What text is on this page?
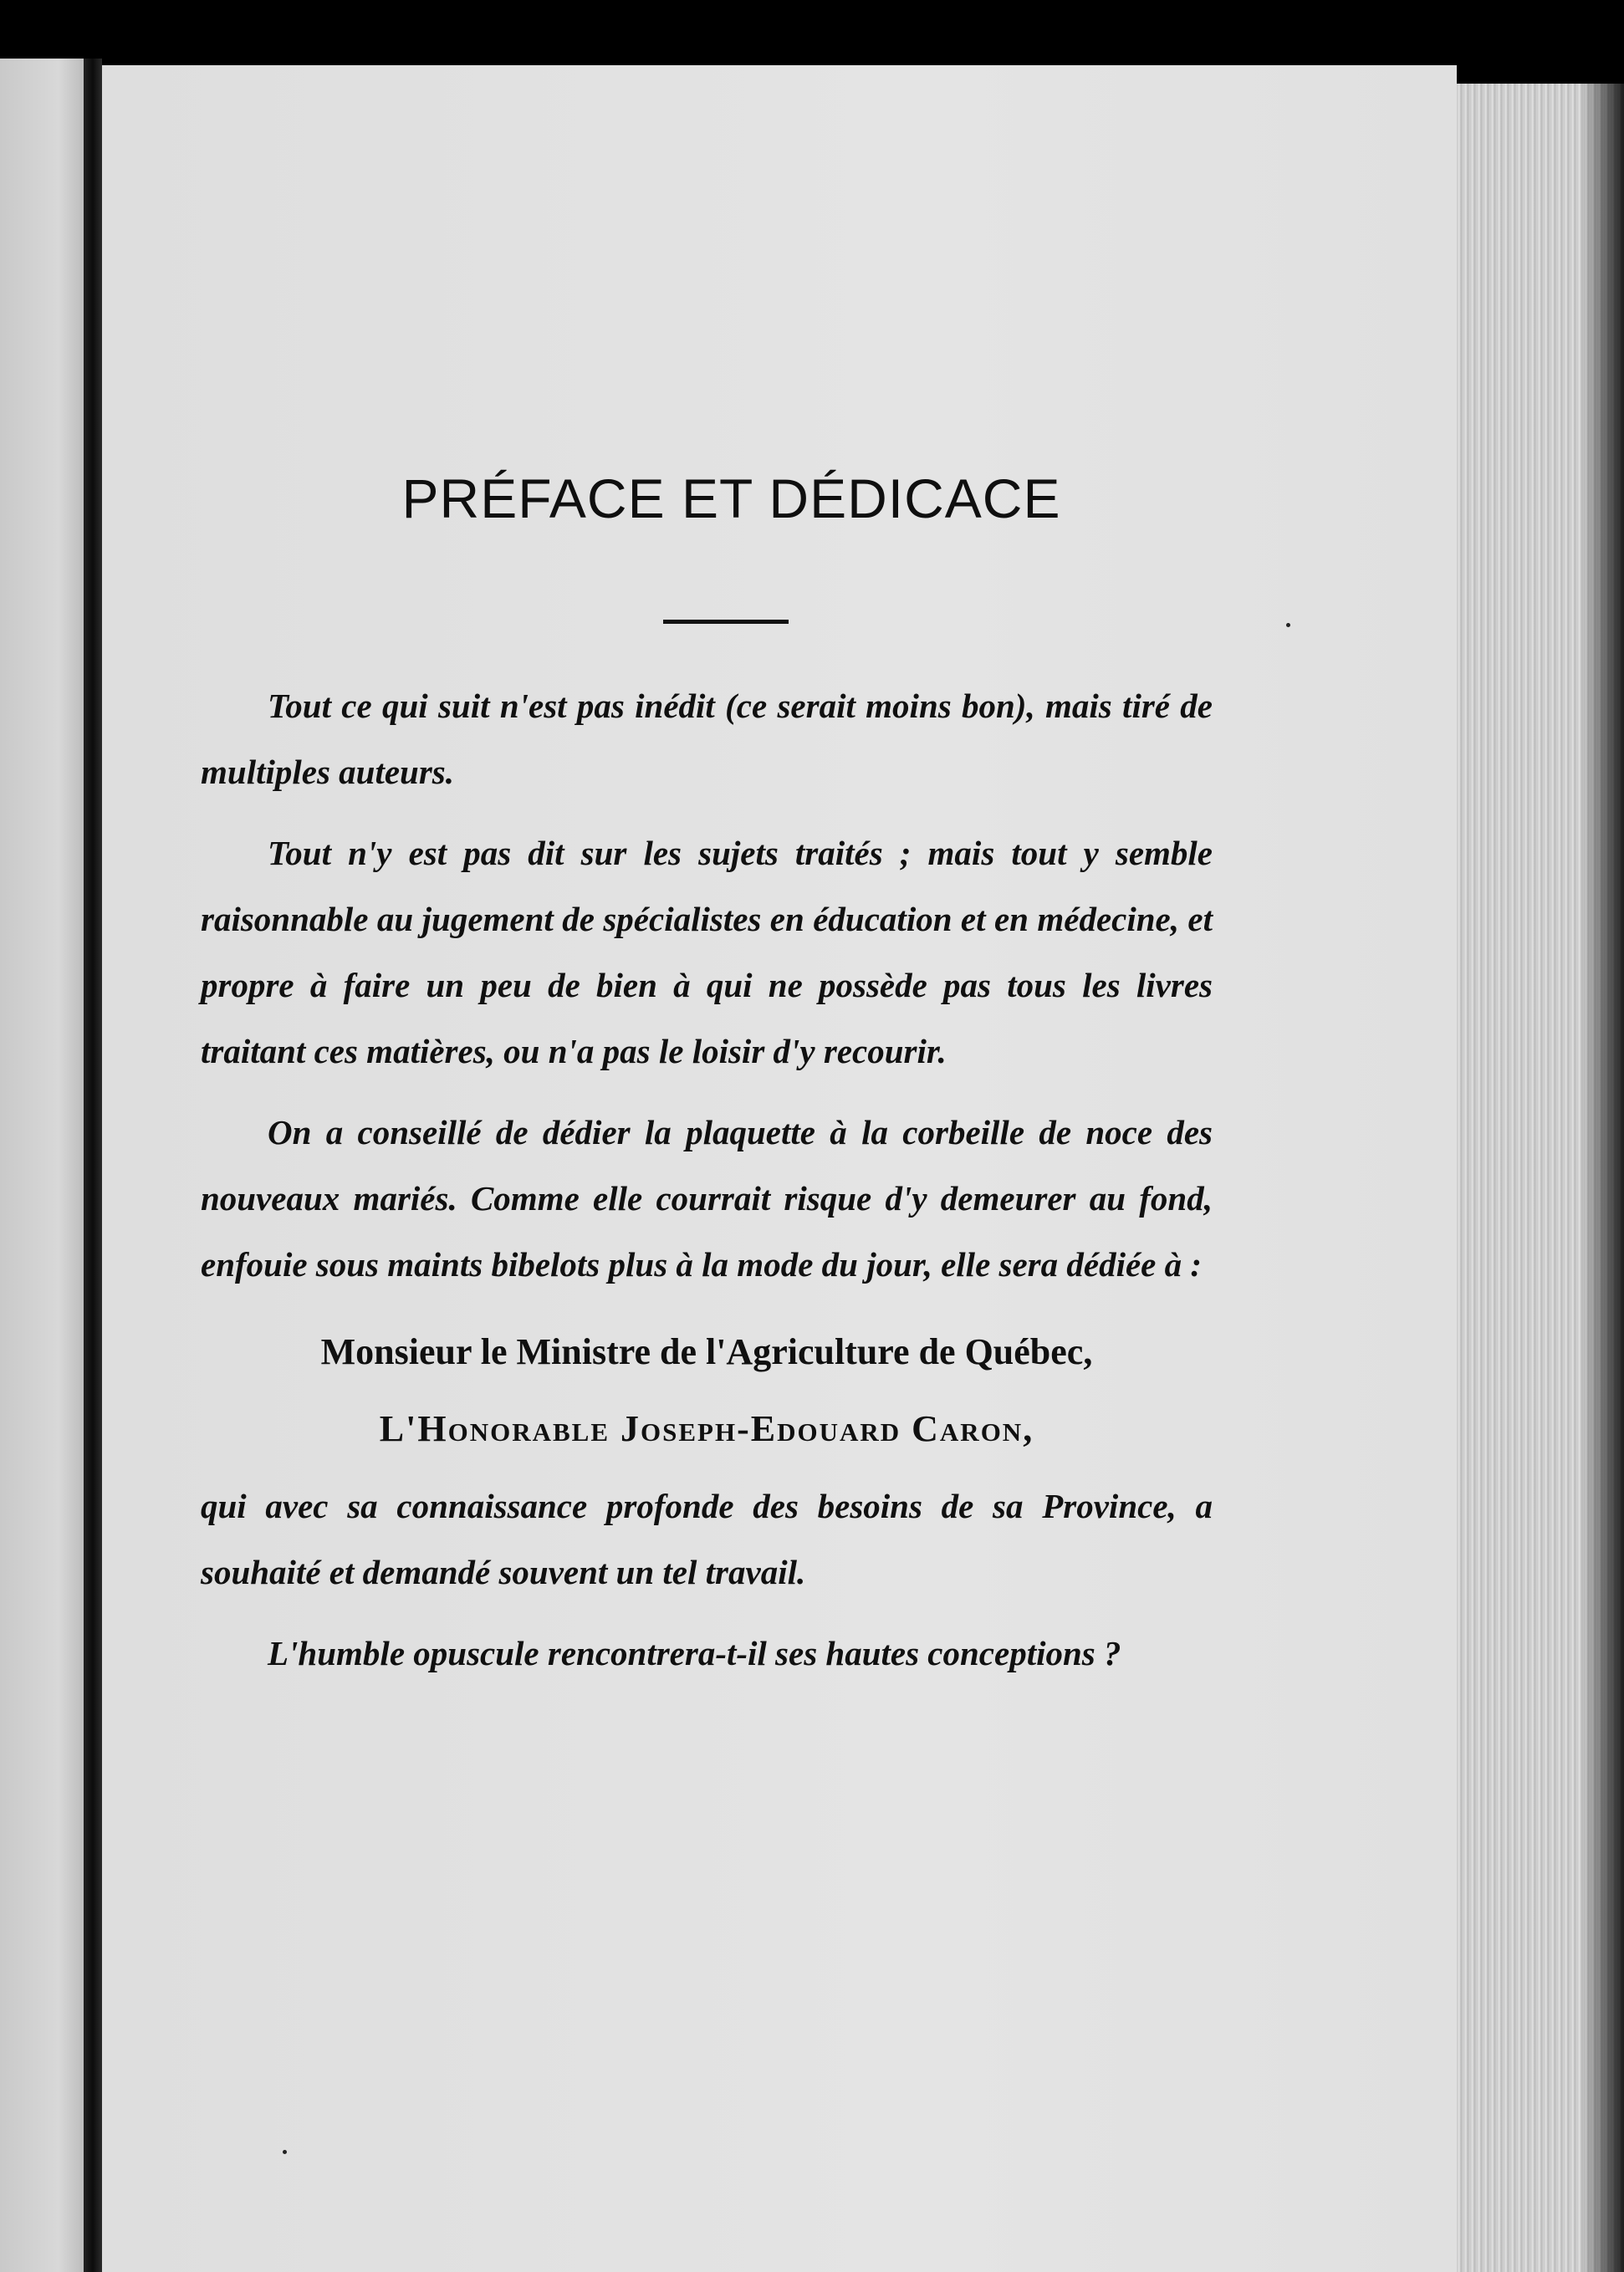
PRÉFACE ET DÉDICACE

Tout ce qui suit n'est pas inédit (ce serait moins bon), mais tiré de multiples auteurs.

Tout n'y est pas dit sur les sujets traités ; mais tout y semble raisonnable au jugement de spécialistes en éducation et en médecine, et propre à faire un peu de bien à qui ne possède pas tous les livres traitant ces matières, ou n'a pas le loisir d'y recourir.

On a conseillé de dédier la plaquette à la corbeille de noce des nouveaux mariés. Comme elle courrait risque d'y demeurer au fond, enfouie sous maints bibelots plus à la mode du jour, elle sera dédiée à :

Monsieur le Ministre de l'Agriculture de Québec,

L'Honorable Joseph-Edouard Caron,

qui avec sa connaissance profonde des besoins de sa Province, a souhaité et demandé souvent un tel travail.

L'humble opuscule rencontrera-t-il ses hautes conceptions ?
